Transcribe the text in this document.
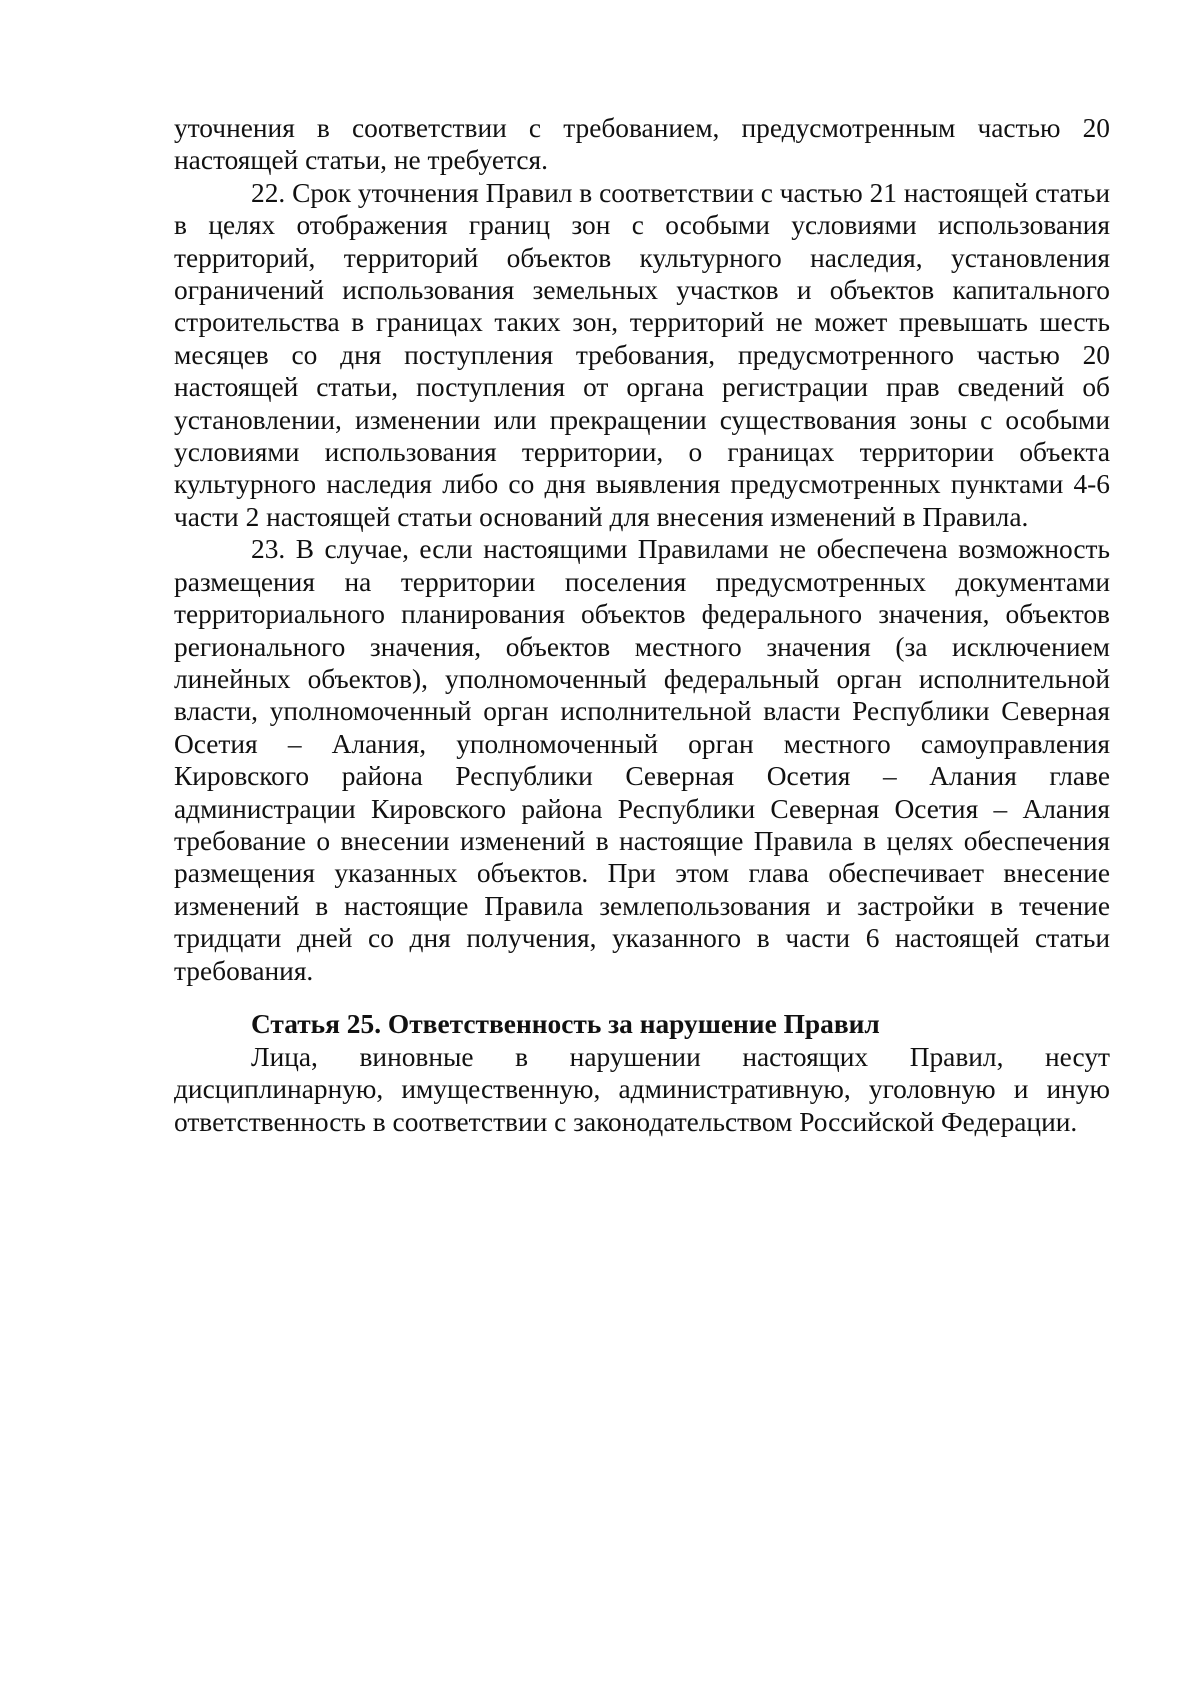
уточнения в соответствии с требованием, предусмотренным частью 20 настоящей статьи, не требуется.

22. Срок уточнения Правил в соответствии с частью 21 настоящей статьи в целях отображения границ зон с особыми условиями использования территорий, территорий объектов культурного наследия, установления ограничений использования земельных участков и объектов капитального строительства в границах таких зон, территорий не может превышать шесть месяцев со дня поступления требования, предусмотренного частью 20 настоящей статьи, поступления от органа регистрации прав сведений об установлении, изменении или прекращении существования зоны с особыми условиями использования территории, о границах территории объекта культурного наследия либо со дня выявления предусмотренных пунктами 4-6 части 2 настоящей статьи оснований для внесения изменений в Правила.

23. В случае, если настоящими Правилами не обеспечена возможность размещения на территории поселения предусмотренных документами территориального планирования объектов федерального значения, объектов регионального значения, объектов местного значения (за исключением линейных объектов), уполномоченный федеральный орган исполнительной власти, уполномоченный орган исполнительной власти Республики Северная Осетия – Алания, уполномоченный орган местного самоуправления Кировского района Республики Северная Осетия – Алания главе администрации Кировского района Республики Северная Осетия – Алания требование о внесении изменений в настоящие Правила в целях обеспечения размещения указанных объектов. При этом глава обеспечивает внесение изменений в настоящие Правила землепользования и застройки в течение тридцати дней со дня получения, указанного в части 6 настоящей статьи требования.

Статья 25. Ответственность за нарушение Правил

Лица, виновные в нарушении настоящих Правил, несут дисциплинарную, имущественную, административную, уголовную и иную ответственность в соответствии с законодательством Российской Федерации.
